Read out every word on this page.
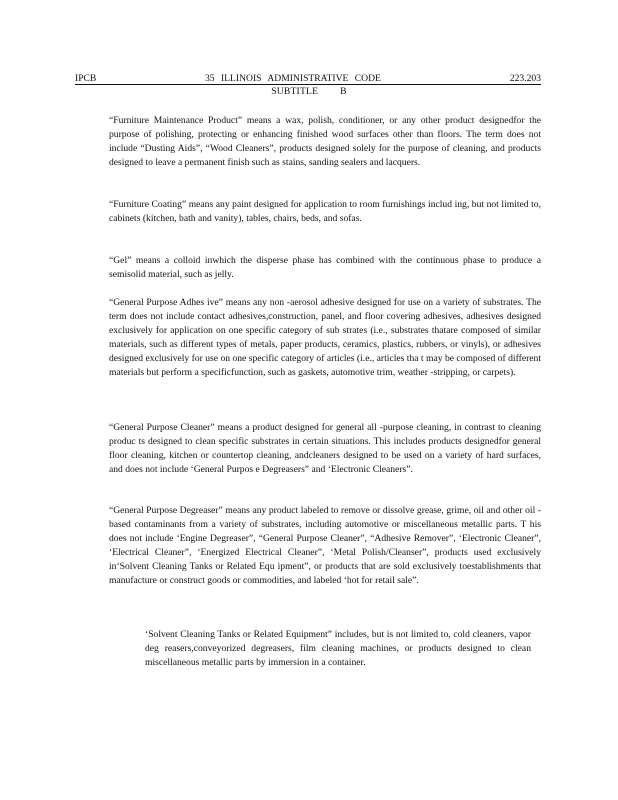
IPCB	35 ILLINOIS ADMINISTRATIVE CODE	223.203
SUBTITLE B
“Furniture Maintenance Product” means a wax, polish, conditioner, or any other product designedfor the purpose of polishing, protecting or enhancing finished wood surfaces other than floors. The term does not include “Dusting Aids”, “Wood Cleaners”, products designed solely for the purpose of cleaning, and products designed to leave a permanent finish such as stains, sanding sealers and lacquers.
“Furniture Coating” means any paint designed for application to room furnishings includ ing, but not limited to, cabinets (kitchen, bath and vanity), tables, chairs, beds, and sofas.
“Gel” means a colloid inwhich the disperse phase has combined with the continuous phase to produce a semisolid material, such as jelly.
“General Purpose Adhes ive” means any non -aerosol adhesive designed for use on a variety of substrates. The term does not include contact adhesives,construction, panel, and floor covering adhesives, adhesives designed exclusively for application on one specific category of sub strates (i.e., substrates thatare composed of similar materials, such as different types of metals, paper products, ceramics, plastics, rubbers, or vinyls), or adhesives designed exclusively for use on one specific category of articles (i.e., articles tha t may be composed of different materials but perform a specificfunction, such as gaskets, automotive trim, weather -stripping, or carpets).
“General Purpose Cleaner” means a product designed for general all -purpose cleaning, in contrast to cleaning produc ts designed to clean specific substrates in certain situations. This includes products designedfor general floor cleaning, kitchen or countertop cleaning, andcleaners designed to be used on a variety of hard surfaces, and does not include ‘General Purpos e Degreasers” and ‘Electronic Cleaners”.
“General Purpose Degreaser” means any product labeled to remove or dissolve grease, grime, oil and other oil -based contaminants from a variety of substrates, including automotive or miscellaneous metallic parts. T his does not include ‘Engine Degreaser”, “General Purpose Cleaner”, “Adhesive Remover”, ‘Electronic Cleaner”, ‘Electrical Cleaner”, ‘Energized Electrical Cleaner”, ‘Metal Polish/Cleanser”, products used exclusively in‘Solvent Cleaning Tanks or Related Equ ipment”, or products that are sold exclusively toestablishments that manufacture or construct goods or commodities, and labeled ‘hot for retail sale”.
‘Solvent Cleaning Tanks or Related Equipment” includes, but is not limited to, cold cleaners, vapor deg reasers,conveyorized degreasers, film cleaning machines, or products designed to clean miscellaneous metallic parts by immersion in a container.
